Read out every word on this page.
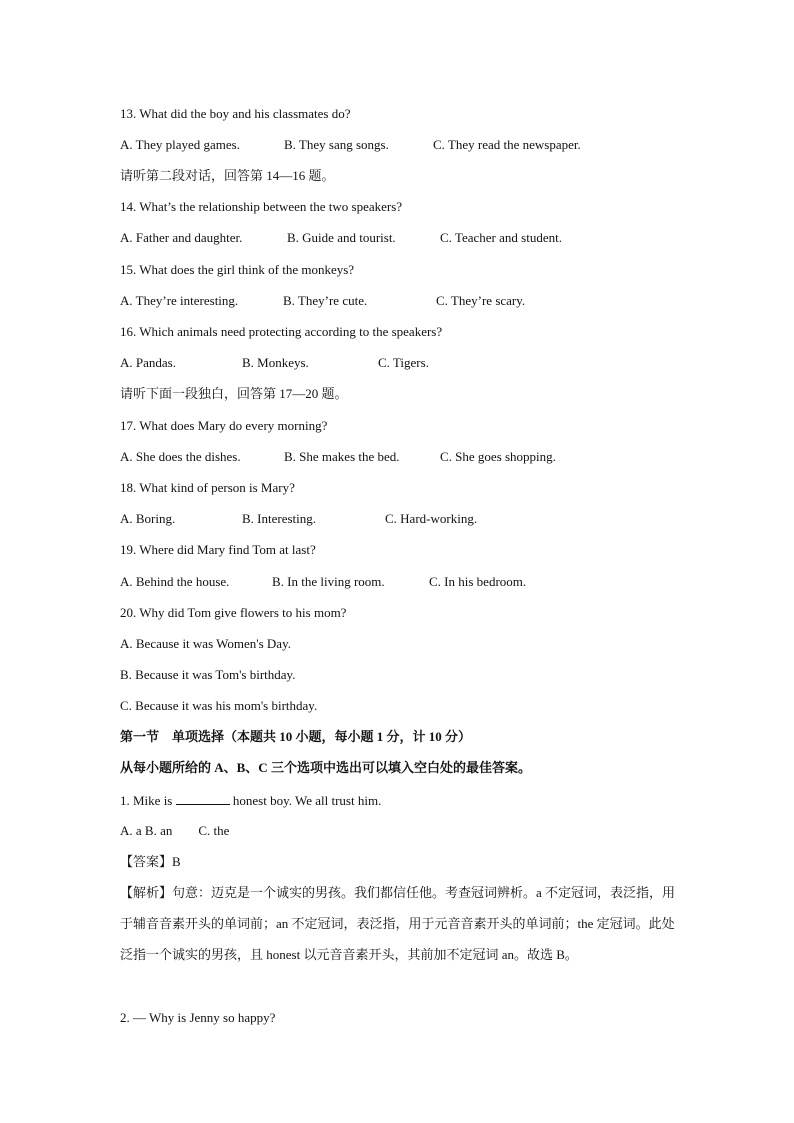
13. What did the boy and his classmates do?
A. They played games.	B. They sang songs.	C. They read the newspaper.
请听第二段对话，回答第 14—16 题。
14. What’s the relationship between the two speakers?
A. Father and daughter.	B. Guide and tourist.	C. Teacher and student.
15. What does the girl think of the monkeys?
A. They’re interesting.	B. They’re cute.	C. They’re scary.
16. Which animals need protecting according to the speakers?
A. Pandas.	B. Monkeys.	C. Tigers.
请听下面一段独白，回答第 17—20 题。
17. What does Mary do every morning?
A. She does the dishes.	B. She makes the bed.	C. She goes shopping.
18. What kind of person is Mary?
A. Boring.	B. Interesting.	C. Hard-working.
19. Where did Mary find Tom at last?
A. Behind the house.	B. In the living room.	C. In his bedroom.
20. Why did Tom give flowers to his mom?
A. Because it was Women's Day.
B. Because it was Tom's birthday.
C. Because it was his mom's birthday.
第一节　单项选择（本题共 10 小题，每小题 1 分，计 10 分）
从每小题所给的 A、B、C 三个选项中选出可以填入空白处的最佳答案。
1. Mike is	honest boy. We all trust him.
A. a B. an        C. the
【答案】B
【解析】句意：迈克是一个诚实的男孩。我们都信任他。考查冠词辨析。a 不定冠词，表泛指，用于辅音音素开头的单词前；an 不定冠词，表泛指，用于元音音素开头的单词前；the 定冠词。此处泛指一个诚实的男孩，且 honest 以元音音素开头，其前加不定冠词 an。故选 B。
2. — Why is Jenny so happy?
